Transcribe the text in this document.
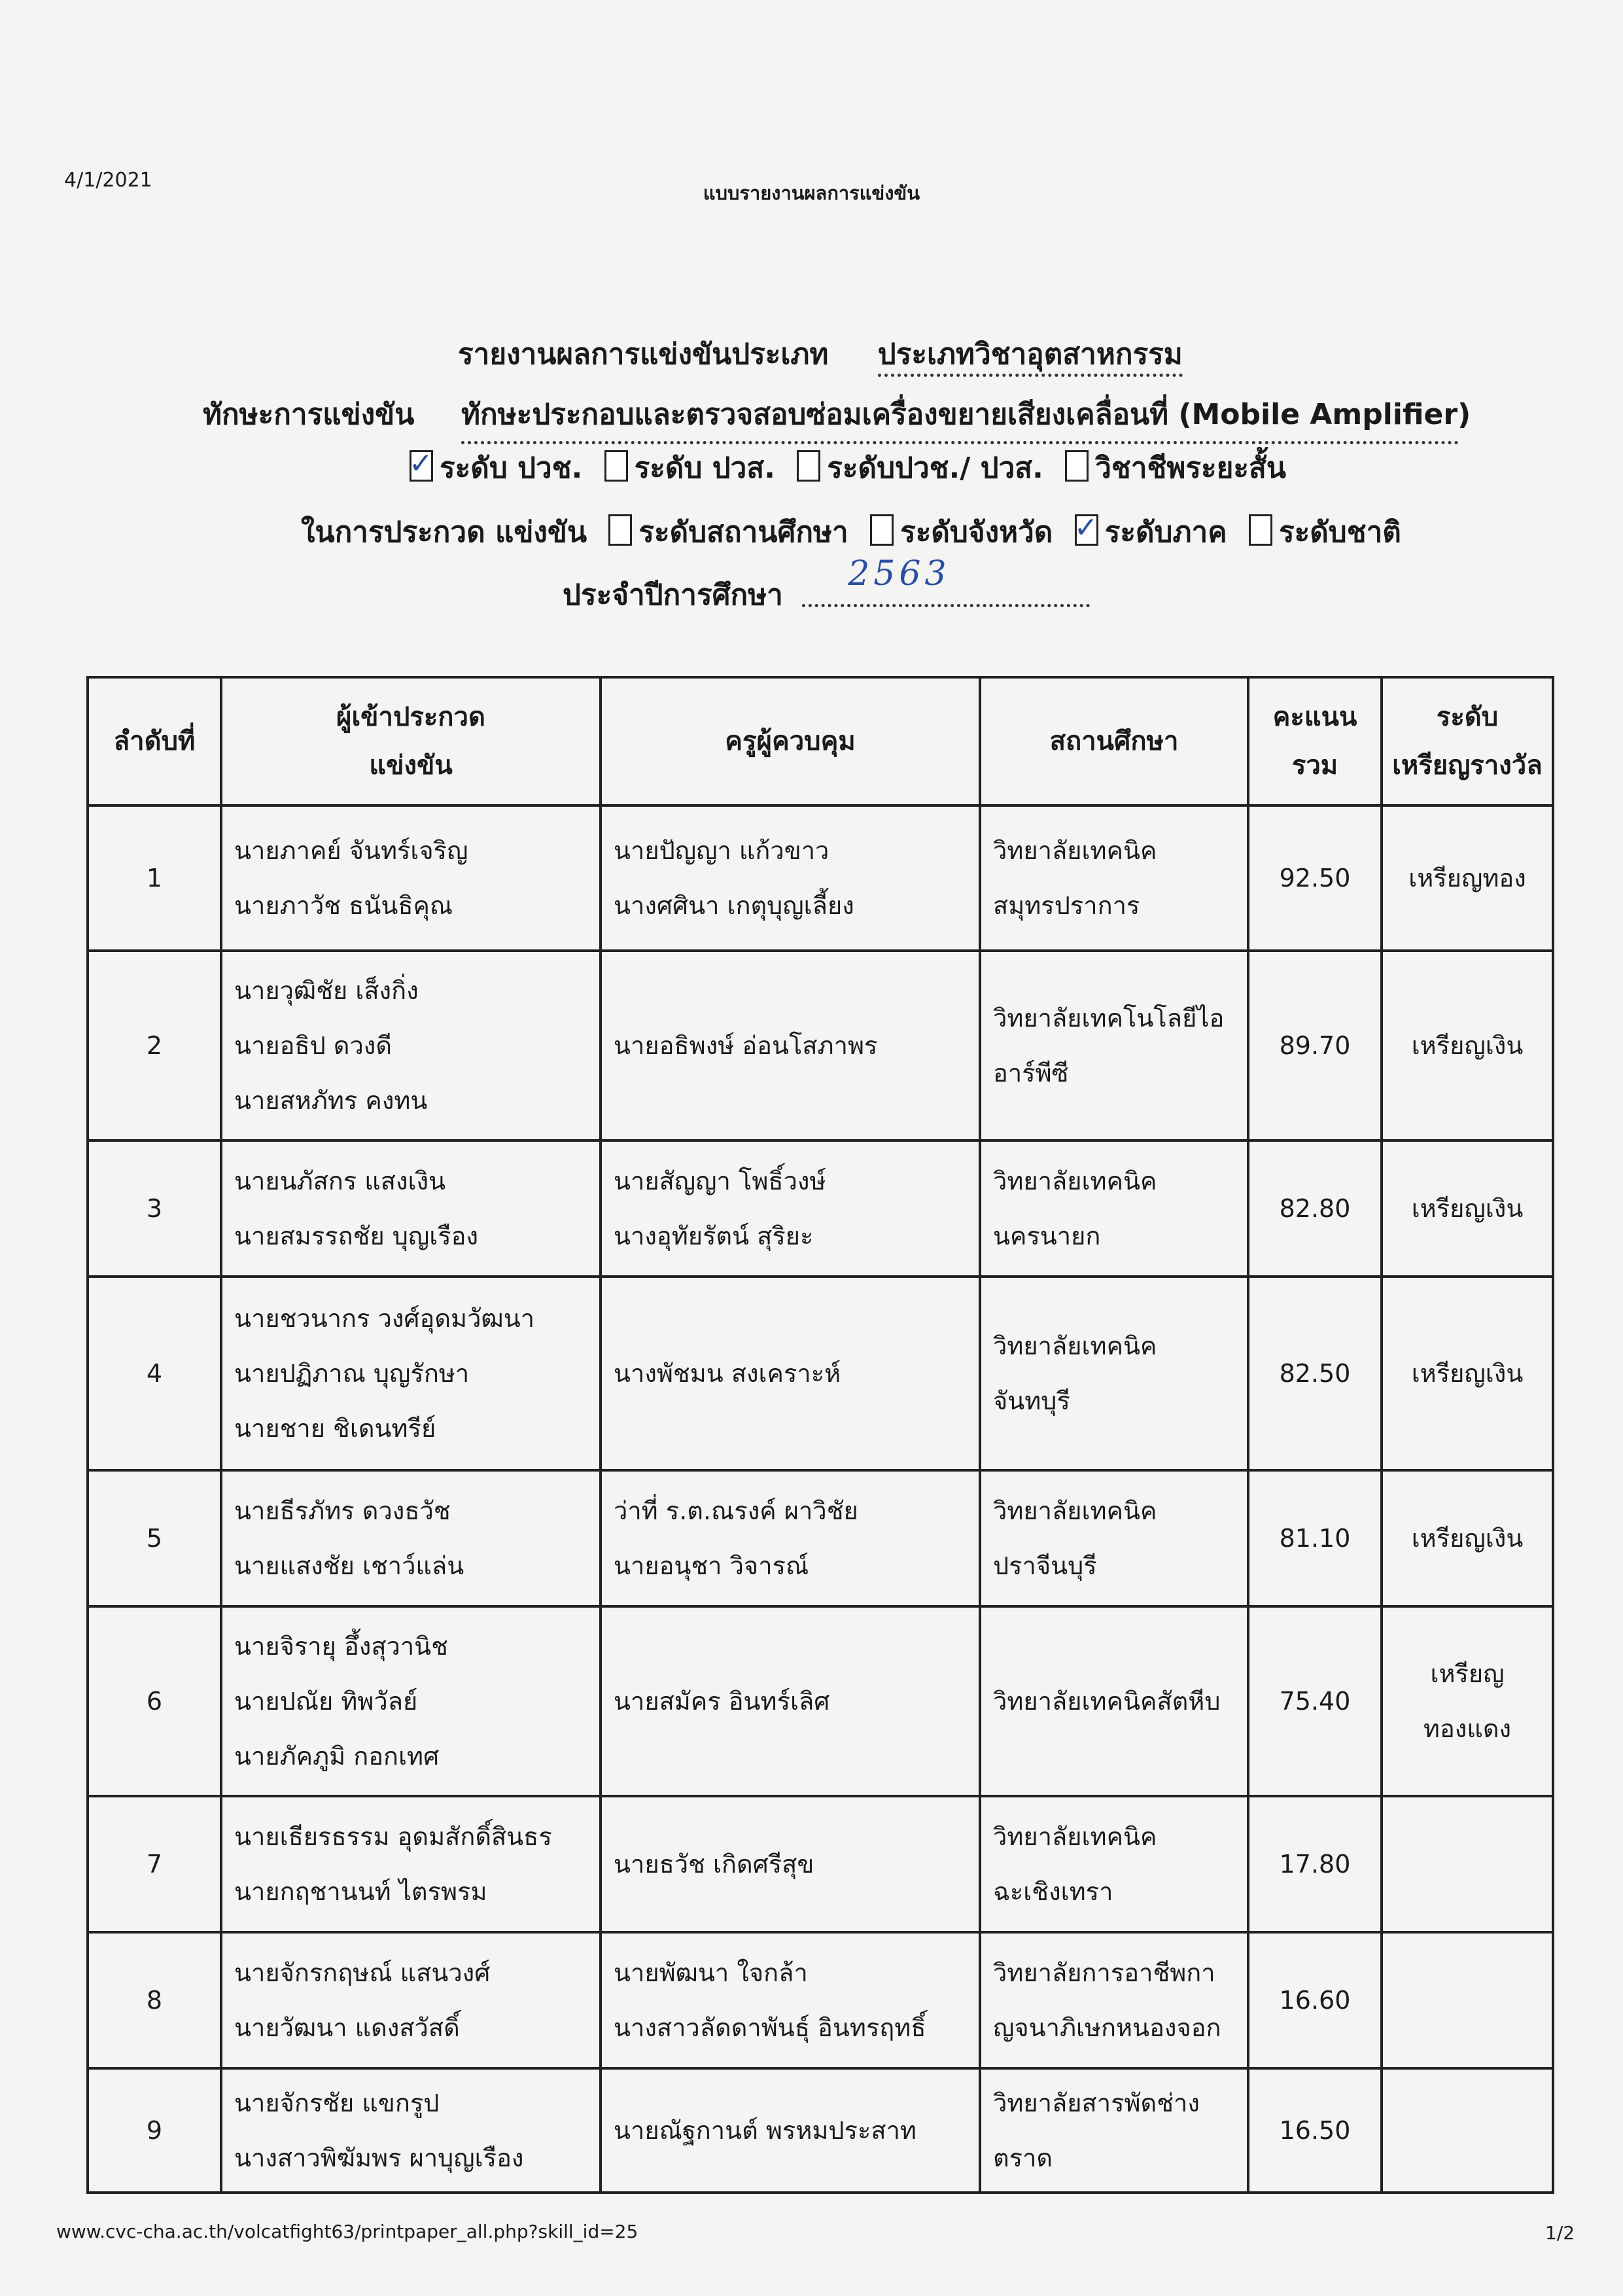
4/1/2021
แบบรายงานผลการแข่งขัน
รายงานผลการแข่งขันประเภท ประเภทวิชาอุตสาหกรรม
ทักษะการแข่งขัน ทักษะประกอบและตรวจสอบซ่อมเครื่องขยายเสียงเคลื่อนที่ (Mobile Amplifier)
✓ระดับ ปวช. ระดับ ปวส. ระดับปวช./ ปวส. วิชาชีพระยะสั้น
ในการประกวด แข่งขัน ระดับสถานศึกษา ระดับจังหวัด ✓ ระดับภาค ระดับชาติ
ประจำปีการศึกษา
2563
ลำดับที่	
ผู้เข้าประกวด
แข่งขัน
	ครูผู้ควบคุม	สถานศึกษา	
คะแนน
รวม

ระดับ
เหรียญรางวัล

1	
นายภาคย์ จันทร์เจริญ
นายภาวัช ธนันธิคุณ

นายปัญญา แก้วขาว
นางศศินา เกตุบุญเลี้ยง

วิทยาลัยเทคนิค
สมุทรปราการ
	92.50	เหรียญทอง

2	
นายวุฒิชัย เส็งกิ่ง
นายอธิป ดวงดี
นายสหภัทร คงทน

นายอธิพงษ์ อ่อนโสภาพร

วิทยาลัยเทคโนโลยีไอ
อาร์พีซี
	89.70	เหรียญเงิน

3	
นายนภัสกร แสงเงิน
นายสมรรถชัย บุญเรือง

นายสัญญา โพธิ์วงษ์
นางอุทัยรัตน์ สุริยะ

วิทยาลัยเทคนิค
นครนายก
	82.80	เหรียญเงิน

4	
นายชวนากร วงศ์อุดมวัฒนา
นายปฏิภาณ บุญรักษา
นายชาย ชิเดนทรีย์

นางพัชมน สงเคราะห์

วิทยาลัยเทคนิค
จันทบุรี
	82.50	เหรียญเงิน

5	
นายธีรภัทร ดวงธวัช
นายแสงชัย เชาว์แล่น

ว่าที่ ร.ต.ณรงค์ ผาวิชัย
นายอนุชา วิจารณ์

วิทยาลัยเทคนิค
ปราจีนบุรี
	81.10	เหรียญเงิน

6	
นายจิรายุ อึ้งสุวานิช
นายปณัย ทิพวัลย์
นายภัคภูมิ กอกเทศ

นายสมัคร อินทร์เลิศ	วิทยาลัยเทคนิคสัตหีบ	75.40	
เหรียญ
ทองแดง

7	
นายเธียรธรรม อุดมสักดิ์สินธร
นายกฤชานนท์ ไตรพรม

นายธวัช เกิดศรีสุข

วิทยาลัยเทคนิค
ฉะเชิงเทรา
	17.80	
8	
นายจักรกฤษณ์ แสนวงศ์
นายวัฒนา แดงสวัสดิ์

นายพัฒนา ใจกล้า
นางสาวลัดดาพันธุ์ อินทรฤทธิ์

วิทยาลัยการอาชีพกา
ญจนาภิเษกหนองจอก
	16.60	
9	
นายจักรชัย แขกรูป
นางสาวพิฆัมพร ผาบุญเรือง

นายณัฐกานต์ พรหมประสาท

วิทยาลัยสารพัดช่าง
ตราด
	16.50	
www.cvc-cha.ac.th/volcatfight63/printpaper_all.php?skill_id=25	1/2
